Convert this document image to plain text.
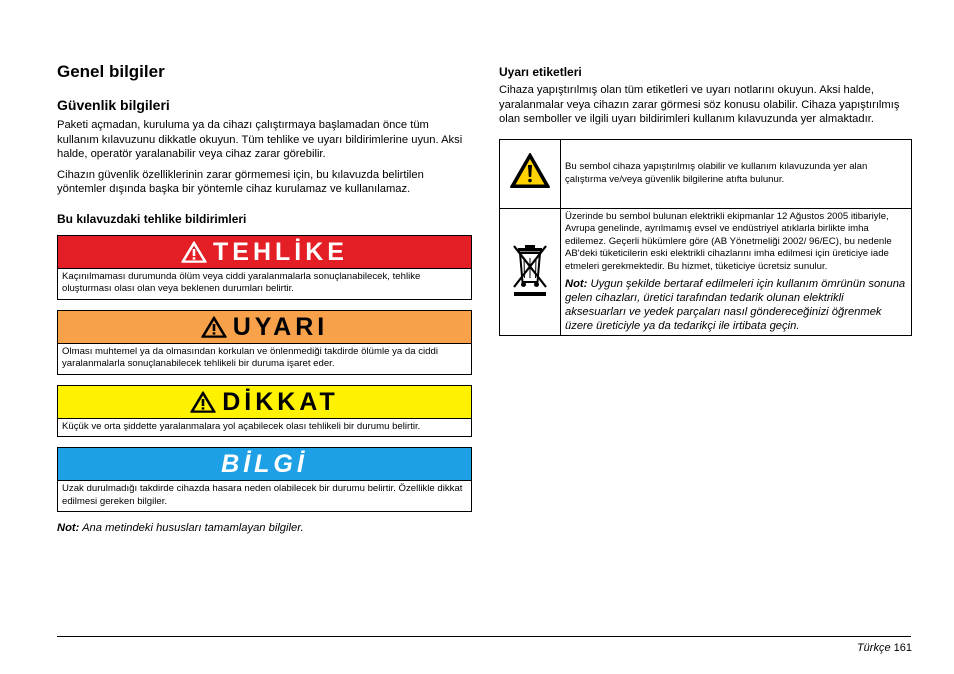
Genel bilgiler
Güvenlik bilgileri
Paketi açmadan, kuruluma ya da cihazı çalıştırmaya başlamadan önce tüm kullanım kılavuzunu dikkatle okuyun. Tüm tehlike ve uyarı bildirimlerine uyun. Aksi halde, operatör yaralanabilir veya cihaz zarar görebilir.
Cihazın güvenlik özelliklerinin zarar görmemesi için, bu kılavuzda belirtilen yöntemler dışında başka bir yöntemle cihaz kurulamaz ve kullanılamaz.
Bu kılavuzdaki tehlike bildirimleri
TEHLİKE
Kaçınılmaması durumunda ölüm veya ciddi yaralanmalarla sonuçlanabilecek, tehlike oluşturması olası olan veya beklenen durumları belirtir.
UYARI
Olması muhtemel ya da olmasından korkulan ve önlenmediği takdirde ölümle ya da ciddi yaralanmalarla sonuçlanabilecek tehlikeli bir duruma işaret eder.
DİKKAT
Küçük ve orta şiddette yaralanmalara yol açabilecek olası tehlikeli bir durumu belirtir.
BİLGİ
Uzak durulmadığı takdirde cihazda hasara neden olabilecek bir durumu belirtir. Özellikle dikkat edilmesi gereken bilgiler.
Not: Ana metindeki hususları tamamlayan bilgiler.
Uyarı etiketleri
Cihaza yapıştırılmış olan tüm etiketleri ve uyarı notlarını okuyun. Aksi halde, yaralanmalar veya cihazın zarar görmesi söz konusu olabilir. Cihaza yapıştırılmış olan semboller ve ilgili uyarı bildirimleri kullanım kılavuzunda yer almaktadır.
	Bu sembol cihaza yapıştırılmış olabilir ve kullanım kılavuzunda yer alan çalıştırma ve/veya güvenlik bilgilerine atıfta bulunur.

Üzerinde bu sembol bulunan elektrikli ekipmanlar 12 Ağustos 2005 itibariyle, Avrupa genelinde, ayrılmamış evsel ve endüstriyel atıklarla birlikte imha edilemez. Geçerli hükümlere göre (AB Yönetmeliği 2002/ 96/EC), bu nedenle AB'deki tüketicilerin eski elektrikli cihazlarını imha edilmesi için üreticiye iade etmeleri gerekmektedir. Bu hizmet, tüketiciye ücretsiz sunulur.
Not: Uygun şekilde bertaraf edilmeleri için kullanım ömrünün sonuna gelen cihazları, üretici tarafından tedarik olunan elektrikli aksesuarları ve yedek parçaları nasıl göndereceğinizi öğrenmek üzere üreticiyle ya da tedarikçi ile irtibata geçin.
Türkçe 161
